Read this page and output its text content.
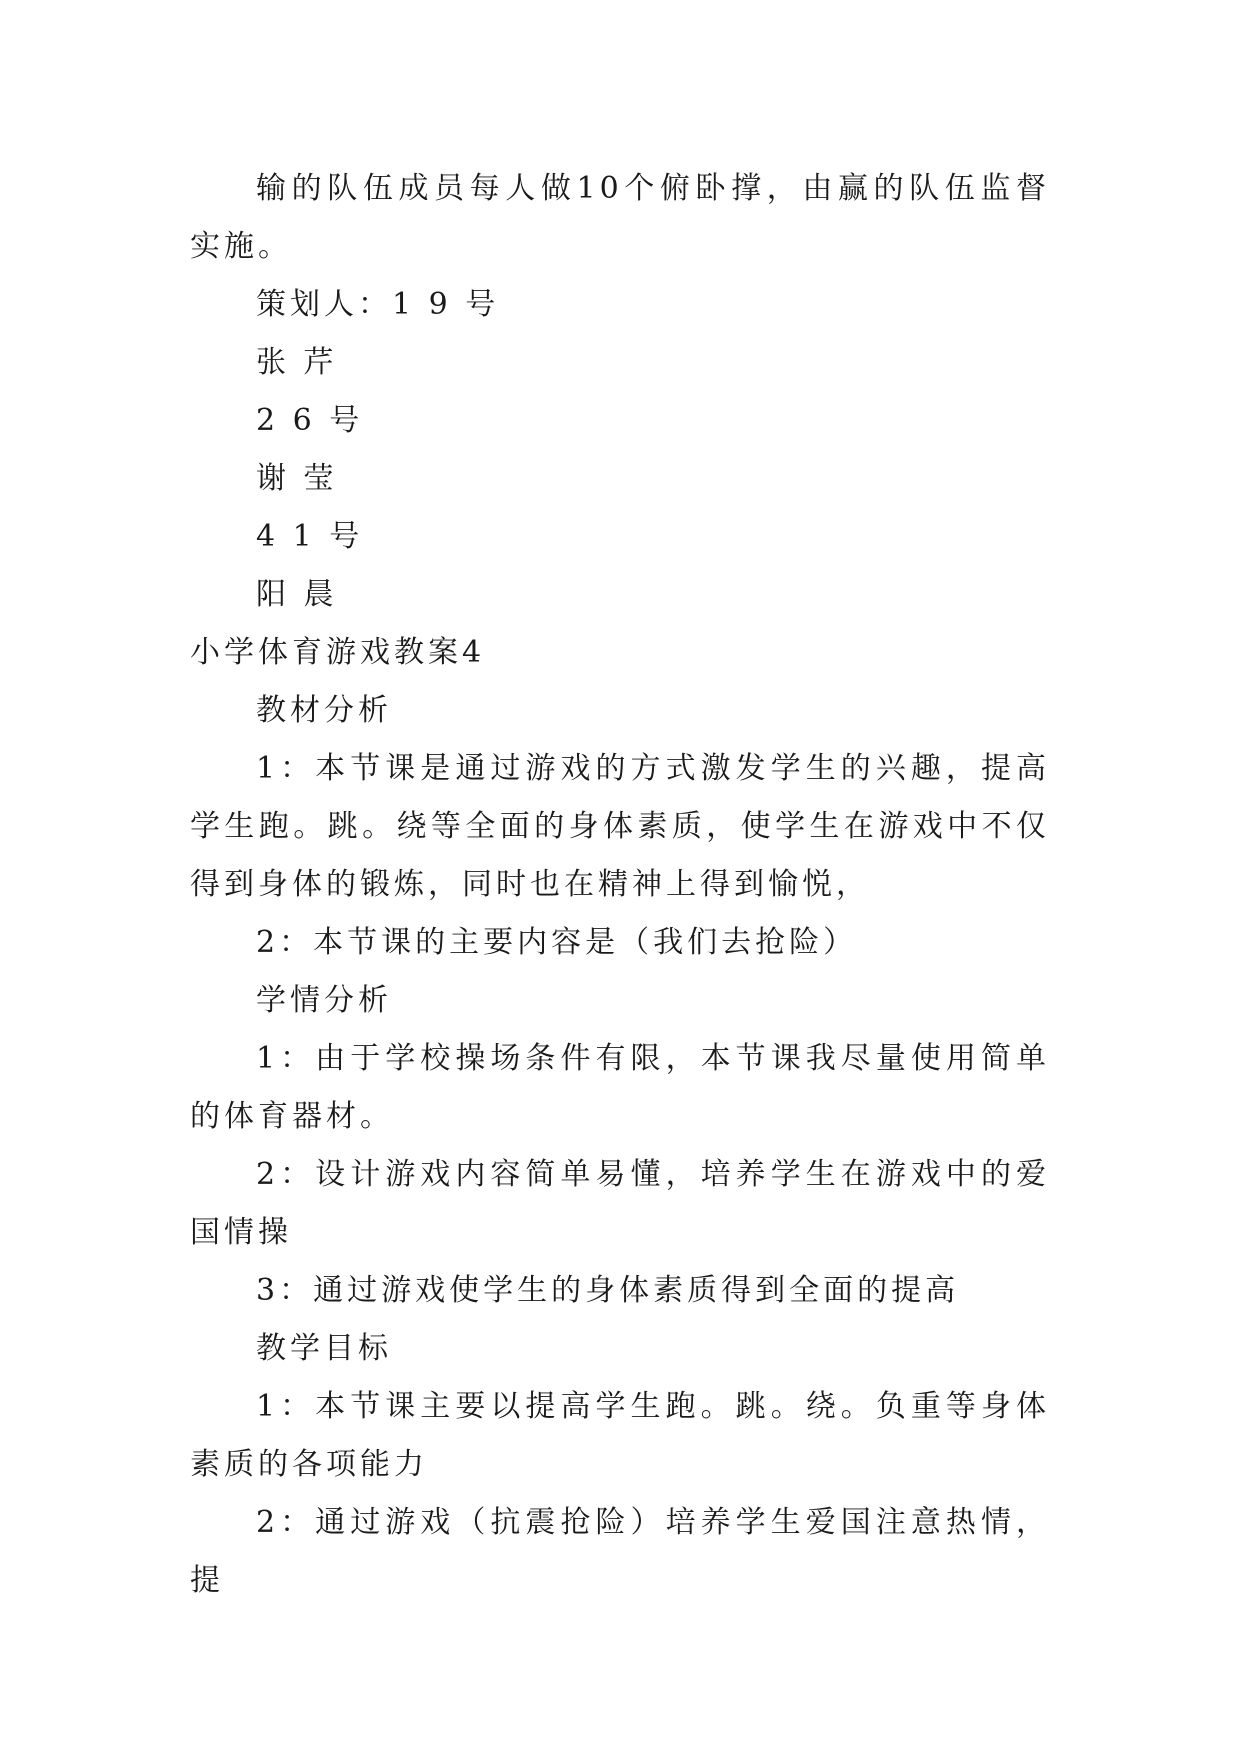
输的队伍成员每人做10个俯卧撑，由赢的队伍监督实施。

策划人：1 9 号

张 芹

2 6 号

谢 莹

4 1 号

阳 晨

小学体育游戏教案4

教材分析

1：本节课是通过游戏的方式激发学生的兴趣，提高学生跑。跳。绕等全面的身体素质，使学生在游戏中不仅得到身体的锻炼，同时也在精神上得到愉悦，

2：本节课的主要内容是（我们去抢险）

学情分析

1：由于学校操场条件有限，本节课我尽量使用简单的体育器材。

2：设计游戏内容简单易懂，培养学生在游戏中的爱国情操

3：通过游戏使学生的身体素质得到全面的提高

教学目标

1：本节课主要以提高学生跑。跳。绕。负重等身体素质的各项能力

2：通过游戏（抗震抢险）培养学生爱国注意热情，提
